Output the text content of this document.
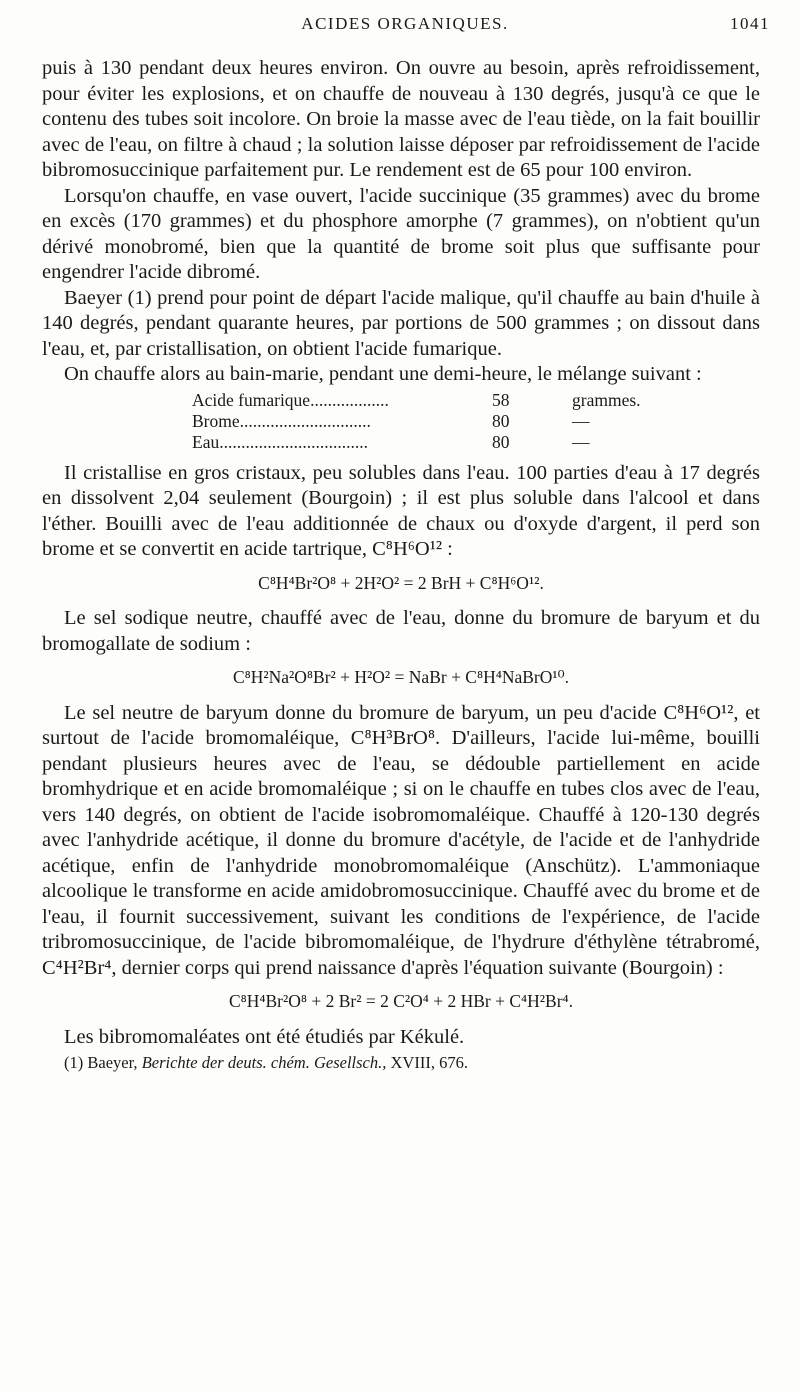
ACIDES ORGANIQUES.	1041

puis à 130 pendant deux heures environ. On ouvre au besoin, après refroidissement, pour éviter les explosions, et on chauffe de nouveau à 130 degrés, jusqu'à ce que le contenu des tubes soit incolore. On broie la masse avec de l'eau tiède, on la fait bouillir avec de l'eau, on filtre à chaud ; la solution laisse déposer par refroidissement de l'acide bibromosuccinique parfaitement pur. Le rendement est de 65 pour 100 environ.

Lorsqu'on chauffe, en vase ouvert, l'acide succinique (35 grammes) avec du brome en excès (170 grammes) et du phosphore amorphe (7 grammes), on n'obtient qu'un dérivé monobromé, bien que la quantité de brome soit plus que suffisante pour engendrer l'acide dibromé.

Baeyer (1) prend pour point de départ l'acide malique, qu'il chauffe au bain d'huile à 140 degrés, pendant quarante heures, par portions de 500 grammes ; on dissout dans l'eau, et, par cristallisation, on obtient l'acide fumarique.

On chauffe alors au bain-marie, pendant une demi-heure, le mélange suivant :

Acide fumarique..................	58	grammes.
Brome..............................	80	—
Eau..................................	80	—

Il cristallise en gros cristaux, peu solubles dans l'eau. 100 parties d'eau à 17 degrés en dissolvent 2,04 seulement (Bourgoin) ; il est plus soluble dans l'alcool et dans l'éther. Bouilli avec de l'eau additionnée de chaux ou d'oxyde d'argent, il perd son brome et se convertit en acide tartrique, C⁸H⁶O¹² :

C⁸H⁴Br²O⁸ + 2H²O² = 2 BrH + C⁸H⁶O¹².

Le sel sodique neutre, chauffé avec de l'eau, donne du bromure de baryum et du bromogallate de sodium :

C⁸H²Na²O⁸Br² + H²O² = NaBr + C⁸H⁴NaBrO¹⁰.

Le sel neutre de baryum donne du bromure de baryum, un peu d'acide C⁸H⁶O¹², et surtout de l'acide bromomaléique, C⁸H³BrO⁸. D'ailleurs, l'acide lui-même, bouilli pendant plusieurs heures avec de l'eau, se dédouble partiellement en acide bromhydrique et en acide bromomaléique ; si on le chauffe en tubes clos avec de l'eau, vers 140 degrés, on obtient de l'acide isobromomaléique. Chauffé à 120-130 degrés avec l'anhydride acétique, il donne du bromure d'acétyle, de l'acide et de l'anhydride acétique, enfin de l'anhydride monobromomaléique (Anschütz). L'ammoniaque alcoolique le transforme en acide amidobromosuccinique. Chauffé avec du brome et de l'eau, il fournit successivement, suivant les conditions de l'expérience, de l'acide tribromosuccinique, de l'acide bibromomaléique, de l'hydrure d'éthylène tétrabromé, C⁴H²Br⁴, dernier corps qui prend naissance d'après l'équation suivante (Bourgoin) :

C⁸H⁴Br²O⁸ + 2 Br² = 2 C²O⁴ + 2 HBr + C⁴H²Br⁴.

Les bibromomaléates ont été étudiés par Kékulé.

(1) Baeyer, Berichte der deuts. chém. Gesellsch., XVIII, 676.
